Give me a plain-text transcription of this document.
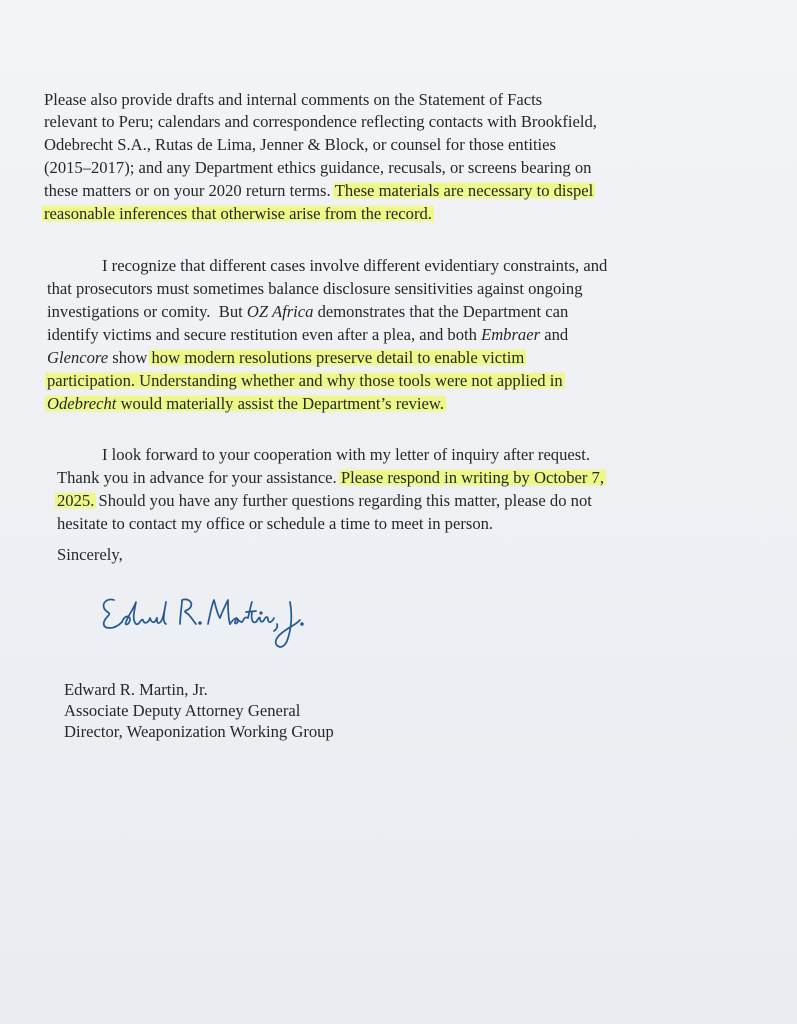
Please also provide drafts and internal comments on the Statement of Facts
relevant to Peru; calendars and correspondence reflecting contacts with Brookfield,
Odebrecht S.A., Rutas de Lima, Jenner & Block, or counsel for those entities
(2015–2017); and any Department ethics guidance, recusals, or screens bearing on
these matters or on your 2020 return terms. These materials are necessary to dispel
reasonable inferences that otherwise arise from the record.
I recognize that different cases involve different evidentiary constraints, and
that prosecutors must sometimes balance disclosure sensitivities against ongoing
investigations or comity. But OZ Africa demonstrates that the Department can
identify victims and secure restitution even after a plea, and both Embraer and
Glencore show how modern resolutions preserve detail to enable victim
participation. Understanding whether and why those tools were not applied in
Odebrecht would materially assist the Department’s review.
I look forward to your cooperation with my letter of inquiry after request.
Thank you in advance for your assistance. Please respond in writing by October 7,
2025. Should you have any further questions regarding this matter, please do not
hesitate to contact my office or schedule a time to meet in person.
Sincerely,
Edward R. Martin, Jr.
Associate Deputy Attorney General
Director, Weaponization Working Group
